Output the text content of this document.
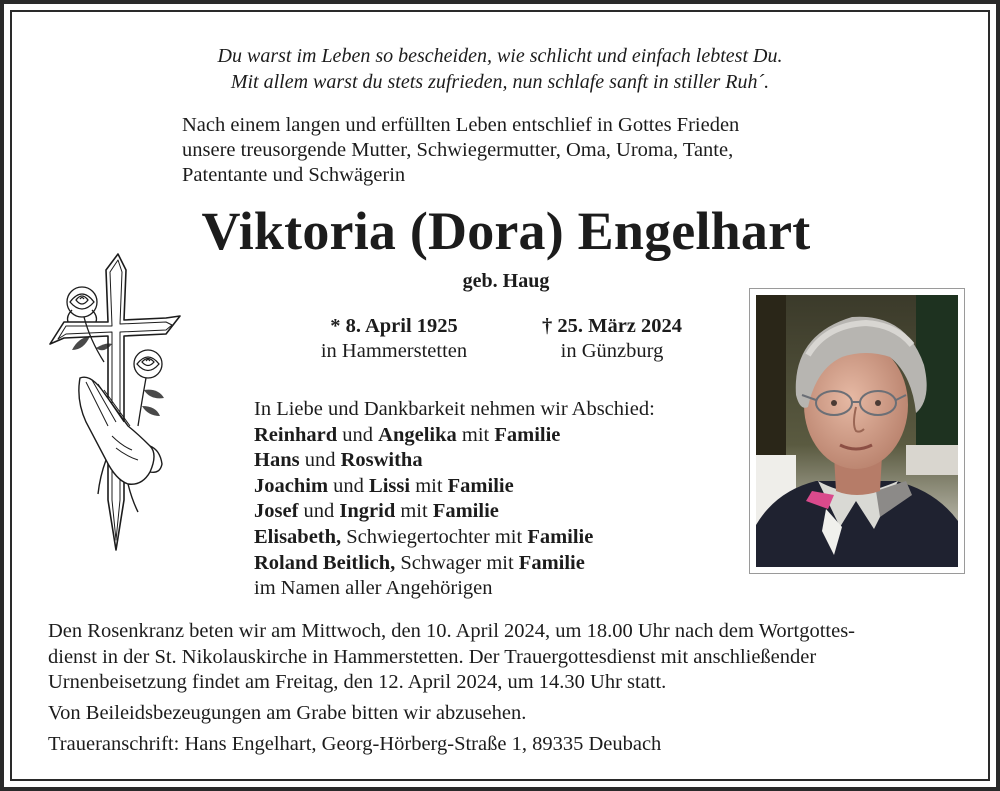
Du warst im Leben so bescheiden, wie schlicht und einfach lebtest Du.
Mit allem warst du stets zufrieden, nun schlafe sanft in stiller Ruh´.
Nach einem langen und erfüllten Leben entschlief in Gottes Frieden
unsere treusorgende Mutter, Schwiegermutter, Oma, Uroma, Tante,
Patentante und Schwägerin
Viktoria (Dora) Engelhart
geb. Haug
* 8. April 1925
in Hammerstetten
† 25. März 2024
in Günzburg
In Liebe und Dankbarkeit nehmen wir Abschied:
Reinhard und Angelika mit Familie
Hans und Roswitha
Joachim und Lissi mit Familie
Josef und Ingrid mit Familie
Elisabeth, Schwiegertochter mit Familie
Roland Beitlich, Schwager mit Familie
im Namen aller Angehörigen

Den Rosenkranz beten wir am Mittwoch, den 10. April 2024, um 18.00 Uhr nach dem Wortgottes-

dienst in der St. Nikolauskirche in Hammerstetten. Der Trauergottesdienst mit anschließender

Urnenbeisetzung findet am Freitag, den 12. April 2024, um 14.30 Uhr statt.

Von Beileidsbezeugungen am Grabe bitten wir abzusehen.

Traueranschrift: Hans Engelhart, Georg-Hörberg-Straße 1, 89335 Deubach
